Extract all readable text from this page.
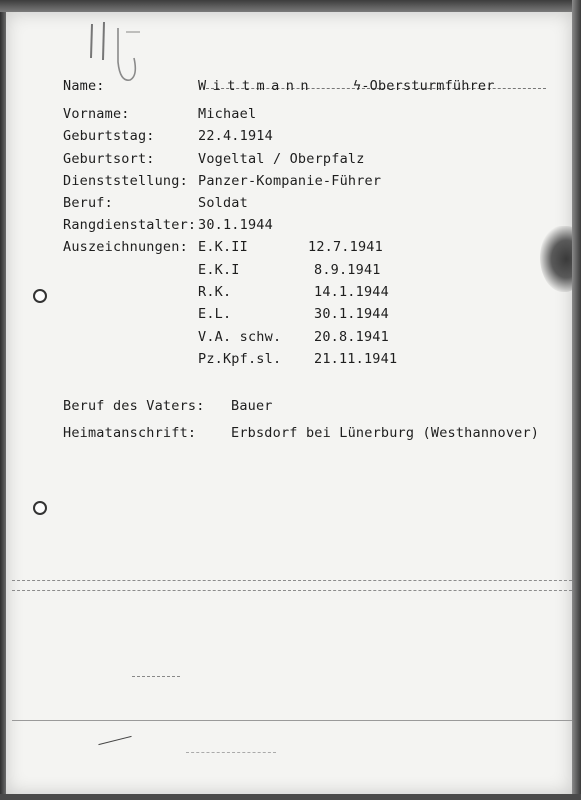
Name:	Wittmann	ϟ-Obersturmführer
Vorname:	Michael
Geburtstag:	22.4.1914
Geburtsort:	Vogeltal / Oberpfalz
Dienststellung: Panzer-Kompanie-Führer
Beruf:	Soldat
Rangdienstalter: 30.1.1944
Auszeichnungen: E.K.II	12.7.1941
E.K.I	8.9.1941
R.K.	14.1.1944
E.L.	30.1.1944
V.A. schw. 20.8.1941
Pz.Kpf.sl. 21.11.1941
Beruf des Vaters: Bauer
Heimatanschrift:	Erbsdorf bei Lünerburg (Westhannover)
